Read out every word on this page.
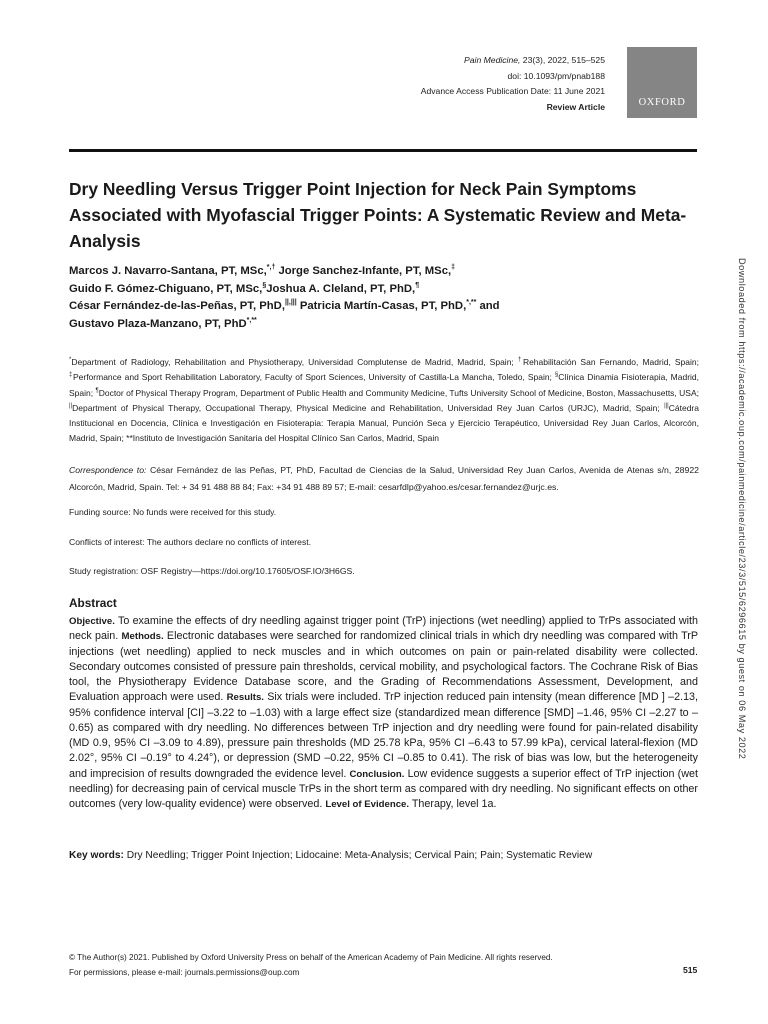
Pain Medicine, 23(3), 2022, 515–525
doi: 10.1093/pm/pnab188
Advance Access Publication Date: 11 June 2021
Review Article	OXFORD
Dry Needling Versus Trigger Point Injection for Neck Pain Symptoms Associated with Myofascial Trigger Points: A Systematic Review and Meta-Analysis
Marcos J. Navarro-Santana, PT, MSc,*,† Jorge Sanchez-Infante, PT, MSc,‡
Guido F. Gómez-Chiguano, PT, MSc,§Joshua A. Cleland, PT, PhD,¶
César Fernández-de-las-Peñas, PT, PhD,||,||| Patricia Martín-Casas, PT, PhD,*,** and
Gustavo Plaza-Manzano, PT, PhD*,**
*Department of Radiology, Rehabilitation and Physiotherapy, Universidad Complutense de Madrid, Madrid, Spain; †Rehabilitación San Fernando, Madrid, Spain; ‡Performance and Sport Rehabilitation Laboratory, Faculty of Sport Sciences, University of Castilla-La Mancha, Toledo, Spain; §Clínica Dinamia Fisioterapia, Madrid, Spain; ¶Doctor of Physical Therapy Program, Department of Public Health and Community Medicine, Tufts University School of Medicine, Boston, Massachusetts, USA; ||Department of Physical Therapy, Occupational Therapy, Physical Medicine and Rehabilitation, Universidad Rey Juan Carlos (URJC), Madrid, Spain; |||Cátedra Institucional en Docencia, Clínica e Investigación en Fisioterapia: Terapia Manual, Punción Seca y Ejercicio Terapéutico, Universidad Rey Juan Carlos, Alcorcón, Madrid, Spain; **Instituto de Investigación Sanitaria del Hospital Clínico San Carlos, Madrid, Spain
Correspondence to: César Fernández de las Peñas, PT, PhD, Facultad de Ciencias de la Salud, Universidad Rey Juan Carlos, Avenida de Atenas s/n, 28922 Alcorcón, Madrid, Spain. Tel: + 34 91 488 88 84; Fax: +34 91 488 89 57; E-mail: cesarfdlp@yahoo.es/cesar.fernandez@urjc.es.
Funding source: No funds were received for this study.
Conflicts of interest: The authors declare no conflicts of interest.
Study registration: OSF Registry—https://doi.org/10.17605/OSF.IO/3H6GS.
Abstract
Objective. To examine the effects of dry needling against trigger point (TrP) injections (wet needling) applied to TrPs associated with neck pain. Methods. Electronic databases were searched for randomized clinical trials in which dry needling was compared with TrP injections (wet needling) applied to neck muscles and in which outcomes on pain or pain-related disability were collected. Secondary outcomes consisted of pressure pain thresholds, cervical mobility, and psychological factors. The Cochrane Risk of Bias tool, the Physiotherapy Evidence Database score, and the Grading of Recommendations Assessment, Development, and Evaluation approach were used. Results. Six trials were included. TrP injection reduced pain intensity (mean difference [MD ] –2.13, 95% confidence interval [CI] –3.22 to –1.03) with a large effect size (standardized mean difference [SMD] –1.46, 95% CI –2.27 to –0.65) as compared with dry needling. No differences between TrP injection and dry needling were found for pain-related disability (MD 0.9, 95% CI –3.09 to 4.89), pressure pain thresholds (MD 25.78 kPa, 95% CI –6.43 to 57.99 kPa), cervical lateral-flexion (MD 2.02°, 95% CI –0.19° to 4.24°), or depression (SMD –0.22, 95% CI –0.85 to 0.41). The risk of bias was low, but the heterogeneity and imprecision of results downgraded the evidence level. Conclusion. Low evidence suggests a superior effect of TrP injection (wet needling) for decreasing pain of cervical muscle TrPs in the short term as compared with dry needling. No significant effects on other outcomes (very low-quality evidence) were observed. Level of Evidence. Therapy, level 1a.
Key words: Dry Needling; Trigger Point Injection; Lidocaine: Meta-Analysis; Cervical Pain; Pain; Systematic Review
© The Author(s) 2021. Published by Oxford University Press on behalf of the American Academy of Pain Medicine. All rights reserved.
For permissions, please e-mail: journals.permissions@oup.com	515
Downloaded from https://academic.oup.com/painmedicine/article/23/3/515/6296615 by guest on 06 May 2022
